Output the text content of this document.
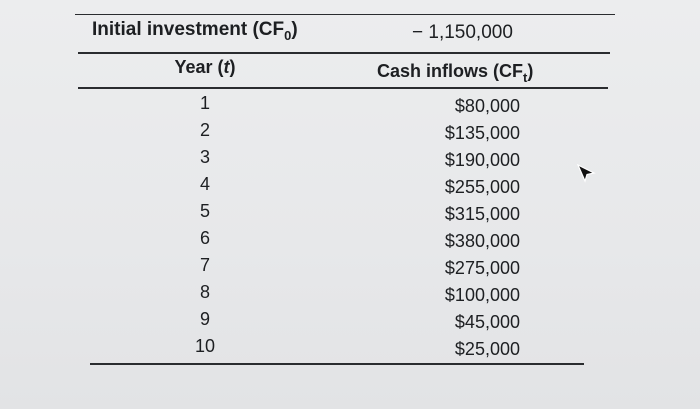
Initial investment $(CF_0)$	− 1,150,000
Year (t)	Cash inflows $(CF_t)$
1
2
3
4
5
6
7
8
9
10
$80,000
$135,000
$190,000
$255,000
$315,000
$380,000
$275,000
$100,000
$45,000
$25,000
